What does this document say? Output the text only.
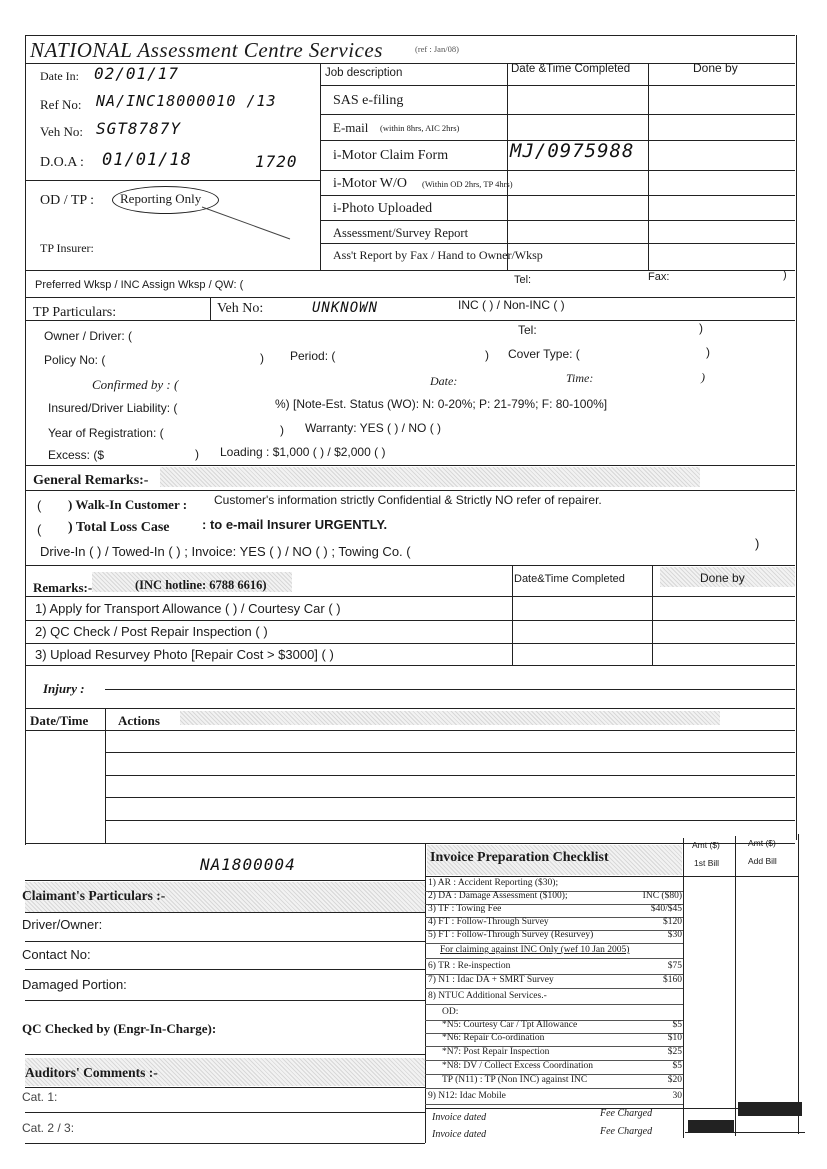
NATIONAL Assessment Centre Services	(ref : Jan/08)
Date In: 02/01/17
Ref No: NA/INC18000010 /13
Veh No: SGT8787Y
D.O.A : 01/01/18	1720
OD / TP : Reporting Only
TP Insurer:
Job description	Date &Time Completed	Done by
SAS e-filing
E-mail (within 8hrs, AIC 2hrs)
i-Motor Claim Form	MJ/0975988
i-Motor W/O (Within OD 2hrs, TP 4hrs)
i-Photo Uploaded
Assessment/Survey Report
Ass't Report by Fax / Hand to Owner/Wksp
Preferred Wksp / INC Assign Wksp / QW: (	Tel:	Fax:	)
TP Particulars:	Veh No:	UNKNOWN	INC ( ) / Non-INC ( )
Owner / Driver: (	Tel:	)
Policy No: (	) Period: (	) Cover Type: (	)
Confirmed by : (	Date:	Time:	)
Insured/Driver Liability: (	%) [Note-Est. Status (WO): N: 0-20%; P: 21-79%; F: 80-100%]
Year of Registration: (	) Warranty: YES ( ) / NO ( )
Excess: ($	) Loading : $1,000 ( ) / $2,000 ( )
General Remarks:-
( ) Walk-In Customer : Customer's information strictly Confidential & Strictly NO refer of repairer.
( ) Total Loss Case : to e-mail Insurer URGENTLY.
Drive-In ( ) / Towed-In ( ) ; Invoice: YES ( ) / NO ( ) ; Towing Co. (
)
Remarks:-	(INC hotline: 6788 6616)	Date&Time Completed	Done by
1) Apply for Transport Allowance ( ) / Courtesy Car ( )
2) QC Check / Post Repair Inspection ( )
3) Upload Resurvey Photo [Repair Cost > $3000] ( )
Injury :
Date/Time Actions
NA1800004
Claimant's Particulars :-
Driver/Owner:
Contact No:
Damaged Portion:
QC Checked by (Engr-In-Charge):
Auditors' Comments :-
Cat. 1:
Cat. 2 / 3:
Invoice Preparation Checklist
Amt ($)
1st Bill
Amt ($)
Add Bill
1) AR : Accident Reporting ($30);
2) DA : Damage Assessment ($100);	INC ($80)
3) TF : Towing Fee	$40/$45
4) FT : Follow-Through Survey	$120
5) FT : Follow-Through Survey (Resurvey)	$30
For claiming against INC Only (wef 10 Jan 2005)
6) TR : Re-inspection	$75
7) N1 : Idac DA + SMRT Survey	$160
8) NTUC Additional Services.-
OD:
*N5: Courtesy Car / Tpt Allowance	$5
*N6: Repair Co-ordination	$10
*N7: Post Repair Inspection	$25
*N8: DV / Collect Excess Coordination	$5
TP (N11) : TP (Non INC) against INC	$20
9) N12: Idac Mobile	30
Invoice dated	Fee Charged
Invoice dated	Fee Charged
